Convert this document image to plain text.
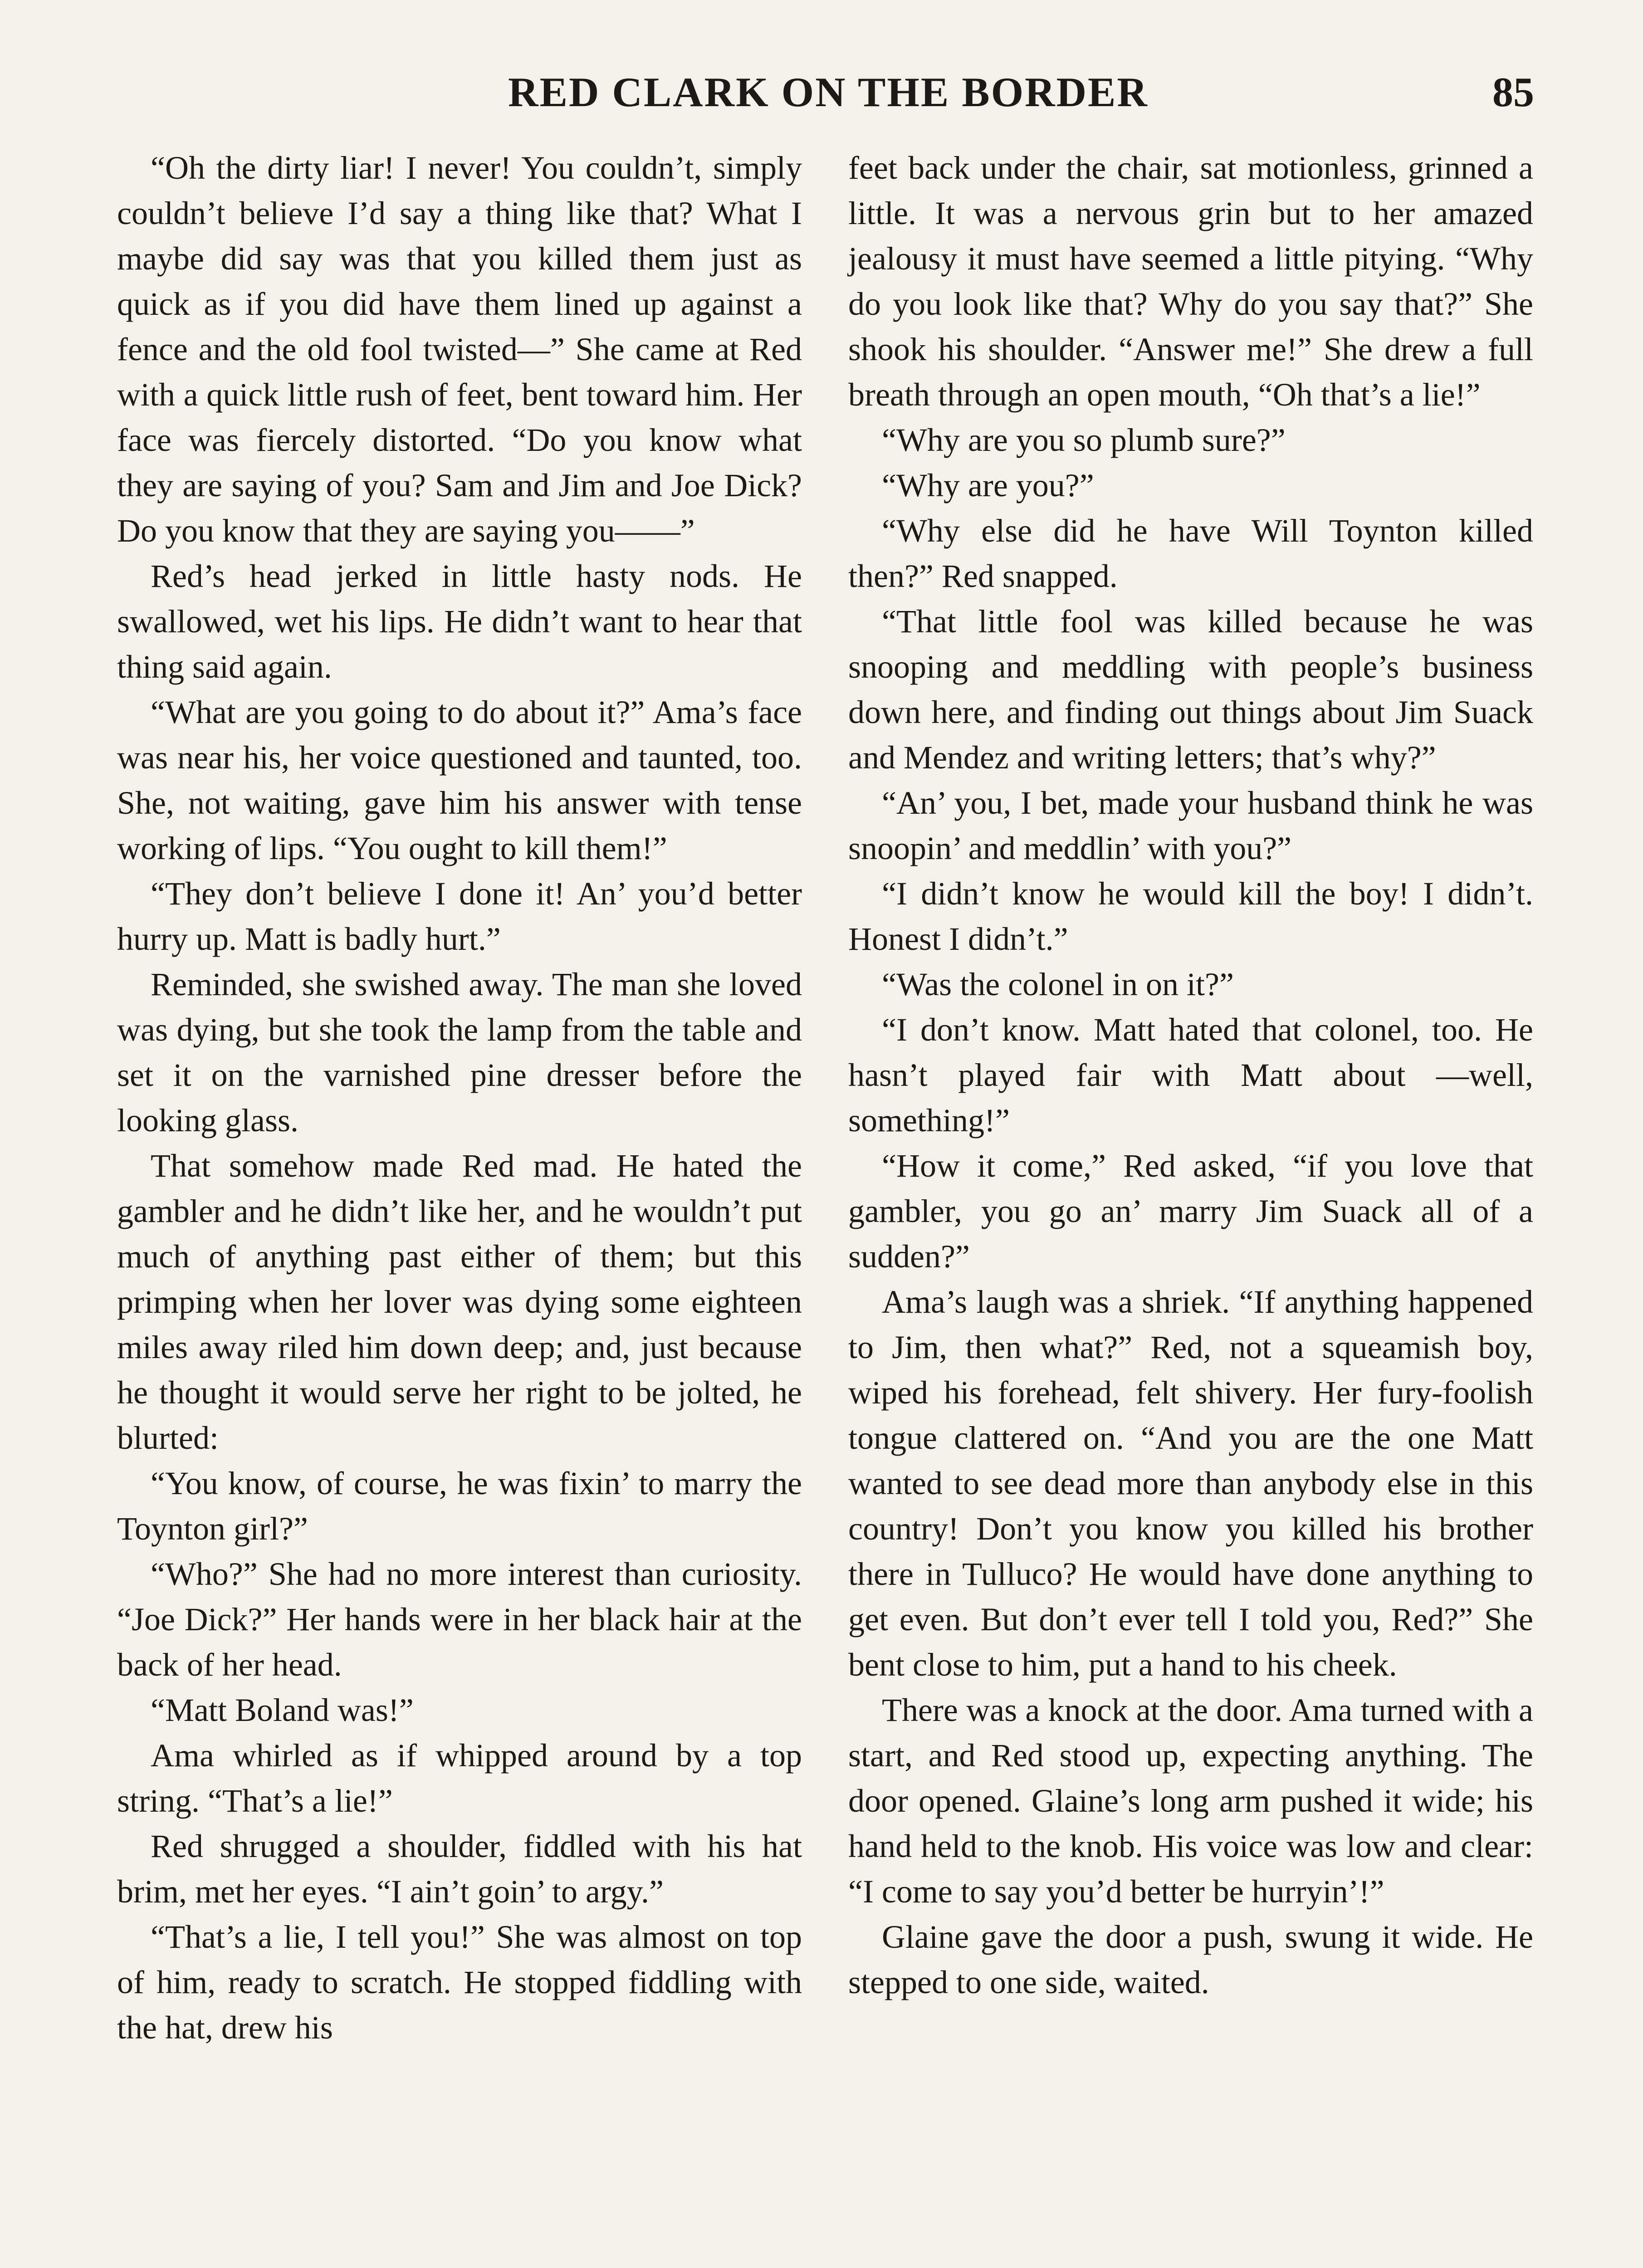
RED CLARK ON THE BORDER	85

“Oh the dirty liar! I never! You couldn’t, simply couldn’t believe I’d say a thing like that? What I maybe did say was that you killed them just as quick as if you did have them lined up against a fence and the old fool twisted—” She came at Red with a quick little rush of feet, bent toward him. Her face was fiercely distorted. “Do you know what they are saying of you? Sam and Jim and Joe Dick? Do you know that they are saying you——”

Red’s head jerked in little hasty nods. He swallowed, wet his lips. He didn’t want to hear that thing said again.

“What are you going to do about it?” Ama’s face was near his, her voice questioned and taunted, too. She, not waiting, gave him his answer with tense working of lips. “You ought to kill them!”

“They don’t believe I done it! An’ you’d better hurry up. Matt is badly hurt.”

Reminded, she swished away. The man she loved was dying, but she took the lamp from the table and set it on the varnished pine dresser before the looking glass.

That somehow made Red mad. He hated the gambler and he didn’t like her, and he wouldn’t put much of anything past either of them; but this primping when her lover was dying some eighteen miles away riled him down deep; and, just because he thought it would serve her right to be jolted, he blurted:

“You know, of course, he was fixin’ to marry the Toynton girl?”

“Who?” She had no more interest than curiosity. “Joe Dick?” Her hands were in her black hair at the back of her head.

“Matt Boland was!”

Ama whirled as if whipped around by a top string. “That’s a lie!”

Red shrugged a shoulder, fiddled with his hat brim, met her eyes. “I ain’t goin’ to argy.”

“That’s a lie, I tell you!” She was almost on top of him, ready to scratch. He stopped fiddling with the hat, drew his

feet back under the chair, sat motionless, grinned a little. It was a nervous grin but to her amazed jealousy it must have seemed a little pitying. “Why do you look like that? Why do you say that?” She shook his shoulder. “Answer me!” She drew a full breath through an open mouth, “Oh that’s a lie!”

“Why are you so plumb sure?”

“Why are you?”

“Why else did he have Will Toynton killed then?” Red snapped.

“That little fool was killed because he was snooping and meddling with people’s business down here, and finding out things about Jim Suack and Mendez and writing letters; that’s why?”

“An’ you, I bet, made your husband think he was snoopin’ and meddlin’ with you?”

“I didn’t know he would kill the boy! I didn’t. Honest I didn’t.”

“Was the colonel in on it?”

“I don’t know. Matt hated that colonel, too. He hasn’t played fair with Matt about —well, something!”

“How it come,” Red asked, “if you love that gambler, you go an’ marry Jim Suack all of a sudden?”

Ama’s laugh was a shriek. “If anything happened to Jim, then what?” Red, not a squeamish boy, wiped his forehead, felt shivery. Her fury-foolish tongue clattered on. “And you are the one Matt wanted to see dead more than anybody else in this country! Don’t you know you killed his brother there in Tulluco? He would have done anything to get even. But don’t ever tell I told you, Red?” She bent close to him, put a hand to his cheek.

There was a knock at the door. Ama turned with a start, and Red stood up, expecting anything. The door opened. Glaine’s long arm pushed it wide; his hand held to the knob. His voice was low and clear: “I come to say you’d better be hurryin’!”

Glaine gave the door a push, swung it wide. He stepped to one side, waited.
